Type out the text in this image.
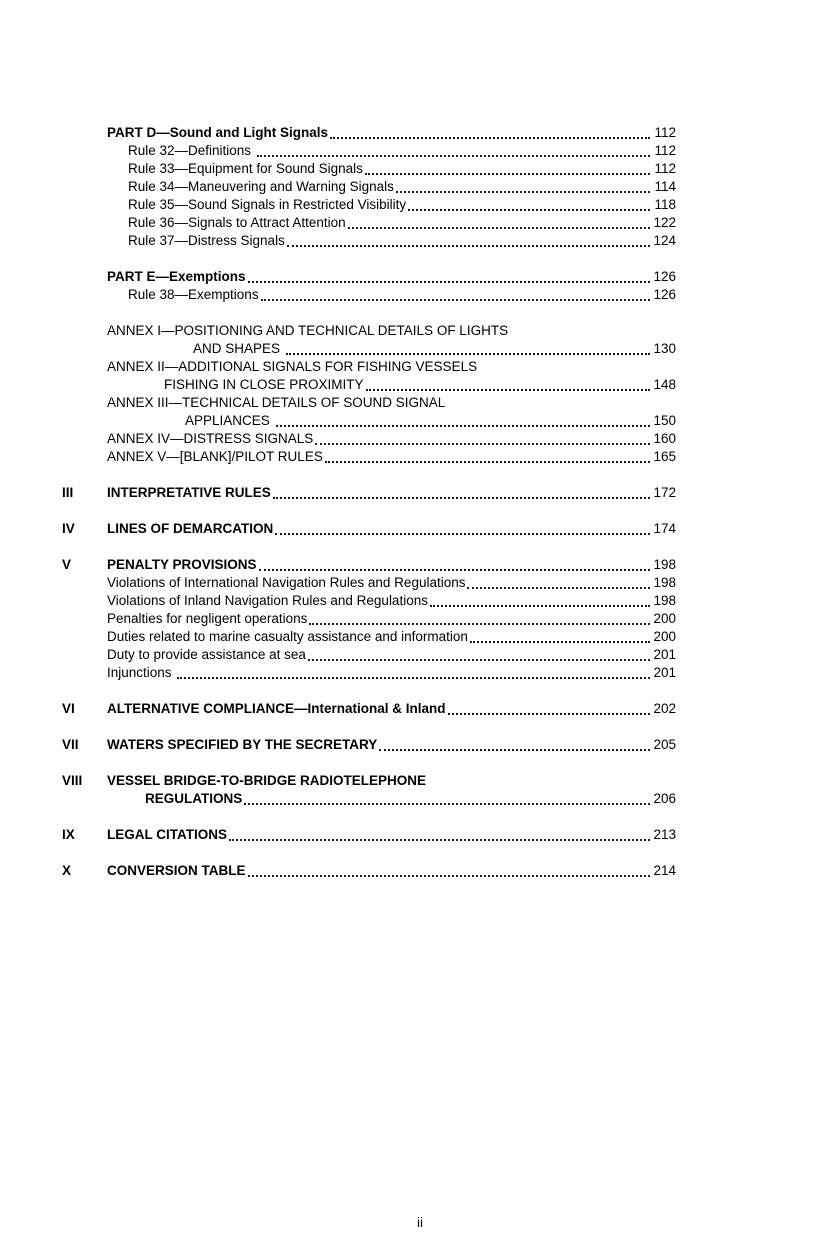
PART D—Sound and Light Signals	112
Rule 32—Definitions	112
Rule 33—Equipment for Sound Signals	112
Rule 34—Maneuvering and Warning Signals	114
Rule 35—Sound Signals in Restricted Visibility	118
Rule 36—Signals to Attract Attention	122
Rule 37—Distress Signals	124
PART E—Exemptions	126
Rule 38—Exemptions	126
ANNEX I—POSITIONING AND TECHNICAL DETAILS OF LIGHTS
AND SHAPES	130
ANNEX II—ADDITIONAL SIGNALS FOR FISHING VESSELS
FISHING IN CLOSE PROXIMITY	148
ANNEX III—TECHNICAL DETAILS OF SOUND SIGNAL
APPLIANCES	150
ANNEX IV—DISTRESS SIGNALS	160
ANNEX V—[BLANK]/PILOT RULES	165
III	INTERPRETATIVE RULES	172
IV	LINES OF DEMARCATION	174
V	PENALTY PROVISIONS	198
Violations of International Navigation Rules and Regulations	198
Violations of Inland Navigation Rules and Regulations	198
Penalties for negligent operations	200
Duties related to marine casualty assistance and information	200
Duty to provide assistance at sea	201
Injunctions	201
VI	ALTERNATIVE COMPLIANCE—International & Inland	202
VII	WATERS SPECIFIED BY THE SECRETARY	205
VIII	VESSEL BRIDGE-TO-BRIDGE RADIOTELEPHONE
REGULATIONS	206
IX	LEGAL CITATIONS	213
X	CONVERSION TABLE	214
ii
